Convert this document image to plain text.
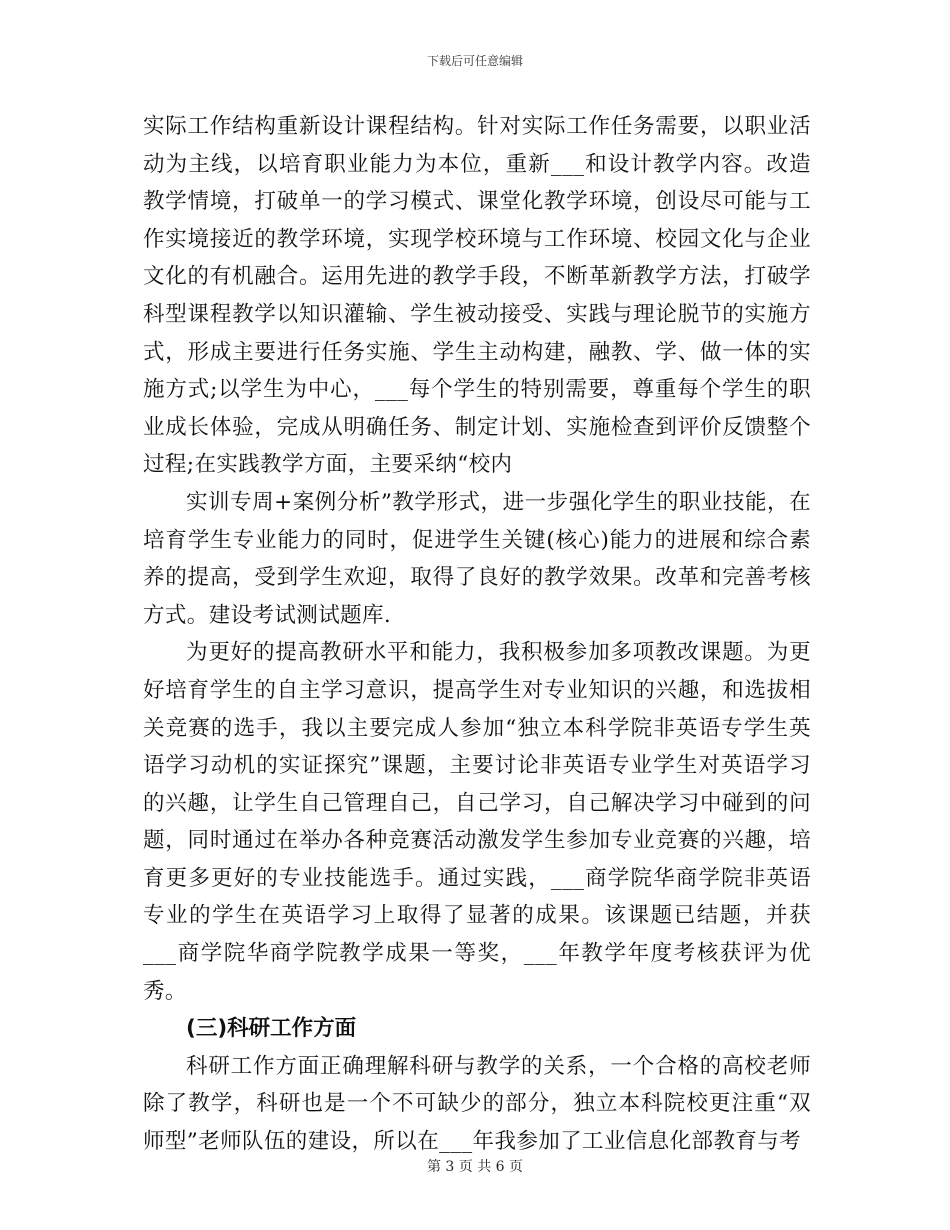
下载后可任意编辑

实际工作结构重新设计课程结构。针对实际工作任务需要，以职业活动为主线，以培育职业能力为本位，重新___和设计教学内容。改造教学情境，打破单一的学习模式、课堂化教学环境，创设尽可能与工作实境接近的教学环境，实现学校环境与工作环境、校园文化与企业文化的有机融合。运用先进的教学手段，不断革新教学方法，打破学科型课程教学以知识灌输、学生被动接受、实践与理论脱节的实施方式，形成主要进行任务实施、学生主动构建，融教、学、做一体的实施方式;以学生为中心，___每个学生的特别需要，尊重每个学生的职业成长体验，完成从明确任务、制定计划、实施检查到评价反馈整个过程;在实践教学方面，主要采纳“校内

实训专周+案例分析”教学形式，进一步强化学生的职业技能，在培育学生专业能力的同时，促进学生关键(核心)能力的进展和综合素养的提高，受到学生欢迎，取得了良好的教学效果。改革和完善考核方式。建设考试测试题库.

为更好的提高教研水平和能力，我积极参加多项教改课题。为更好培育学生的自主学习意识，提高学生对专业知识的兴趣，和选拔相关竞赛的选手，我以主要完成人参加“独立本科学院非英语专学生英语学习动机的实证探究”课题，主要讨论非英语专业学生对英语学习的兴趣，让学生自己管理自己，自己学习，自己解决学习中碰到的问题，同时通过在举办各种竞赛活动激发学生参加专业竞赛的兴趣，培育更多更好的专业技能选手。通过实践，___商学院华商学院非英语专业的学生在英语学习上取得了显著的成果。该课题已结题，并获___商学院华商学院教学成果一等奖，___年教学年度考核获评为优秀。

(三)科研工作方面

科研工作方面正确理解科研与教学的关系，一个合格的高校老师除了教学，科研也是一个不可缺少的部分，独立本科院校更注重“双师型”老师队伍的建设，所以在___年我参加了工业信息化部教育与考

第 3 页 共 6 页
